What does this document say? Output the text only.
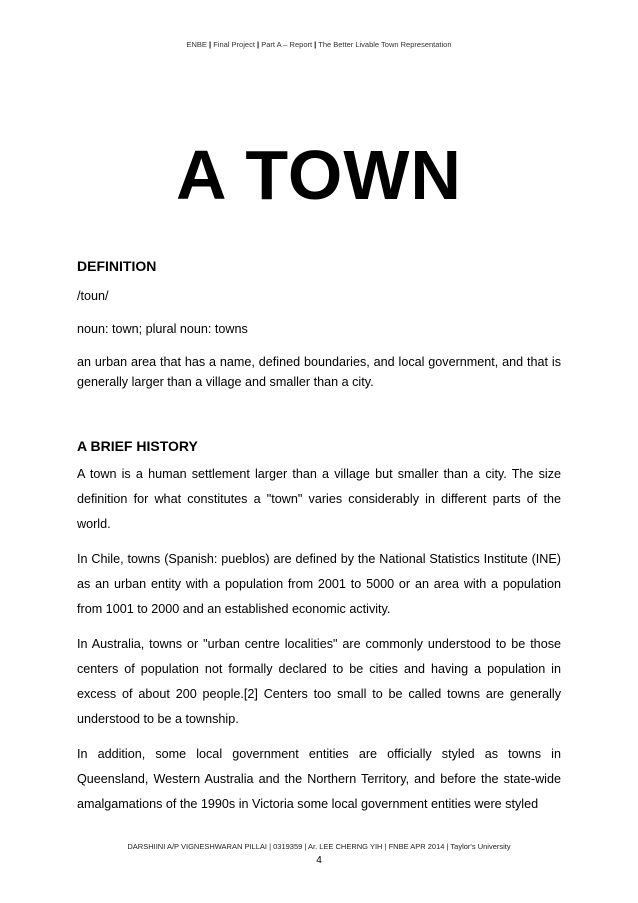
ENBE | Final Project | Part A – Report | The Better Livable Town Representation
A TOWN
DEFINITION

/toun/

noun: town; plural noun: towns

an urban area that has a name, defined boundaries, and local government, and that is generally larger than a village and smaller than a city.

A BRIEF HISTORY

A town is a human settlement larger than a village but smaller than a city. The size definition for what constitutes a "town" varies considerably in different parts of the world.

In Chile, towns (Spanish: pueblos) are defined by the National Statistics Institute (INE) as an urban entity with a population from 2001 to 5000 or an area with a population from 1001 to 2000 and an established economic activity.

In Australia, towns or "urban centre localities" are commonly understood to be those centers of population not formally declared to be cities and having a population in excess of about 200 people.[2] Centers too small to be called towns are generally understood to be a township.

In addition, some local government entities are officially styled as towns in Queensland, Western Australia and the Northern Territory, and before the state-wide amalgamations of the 1990s in Victoria some local government entities were styled

DARSHIINI A/P VIGNESHWARAN PILLAI | 0319359 | Ar. LEE CHERNG YIH | FNBE APR 2014 | Taylor's University
4
